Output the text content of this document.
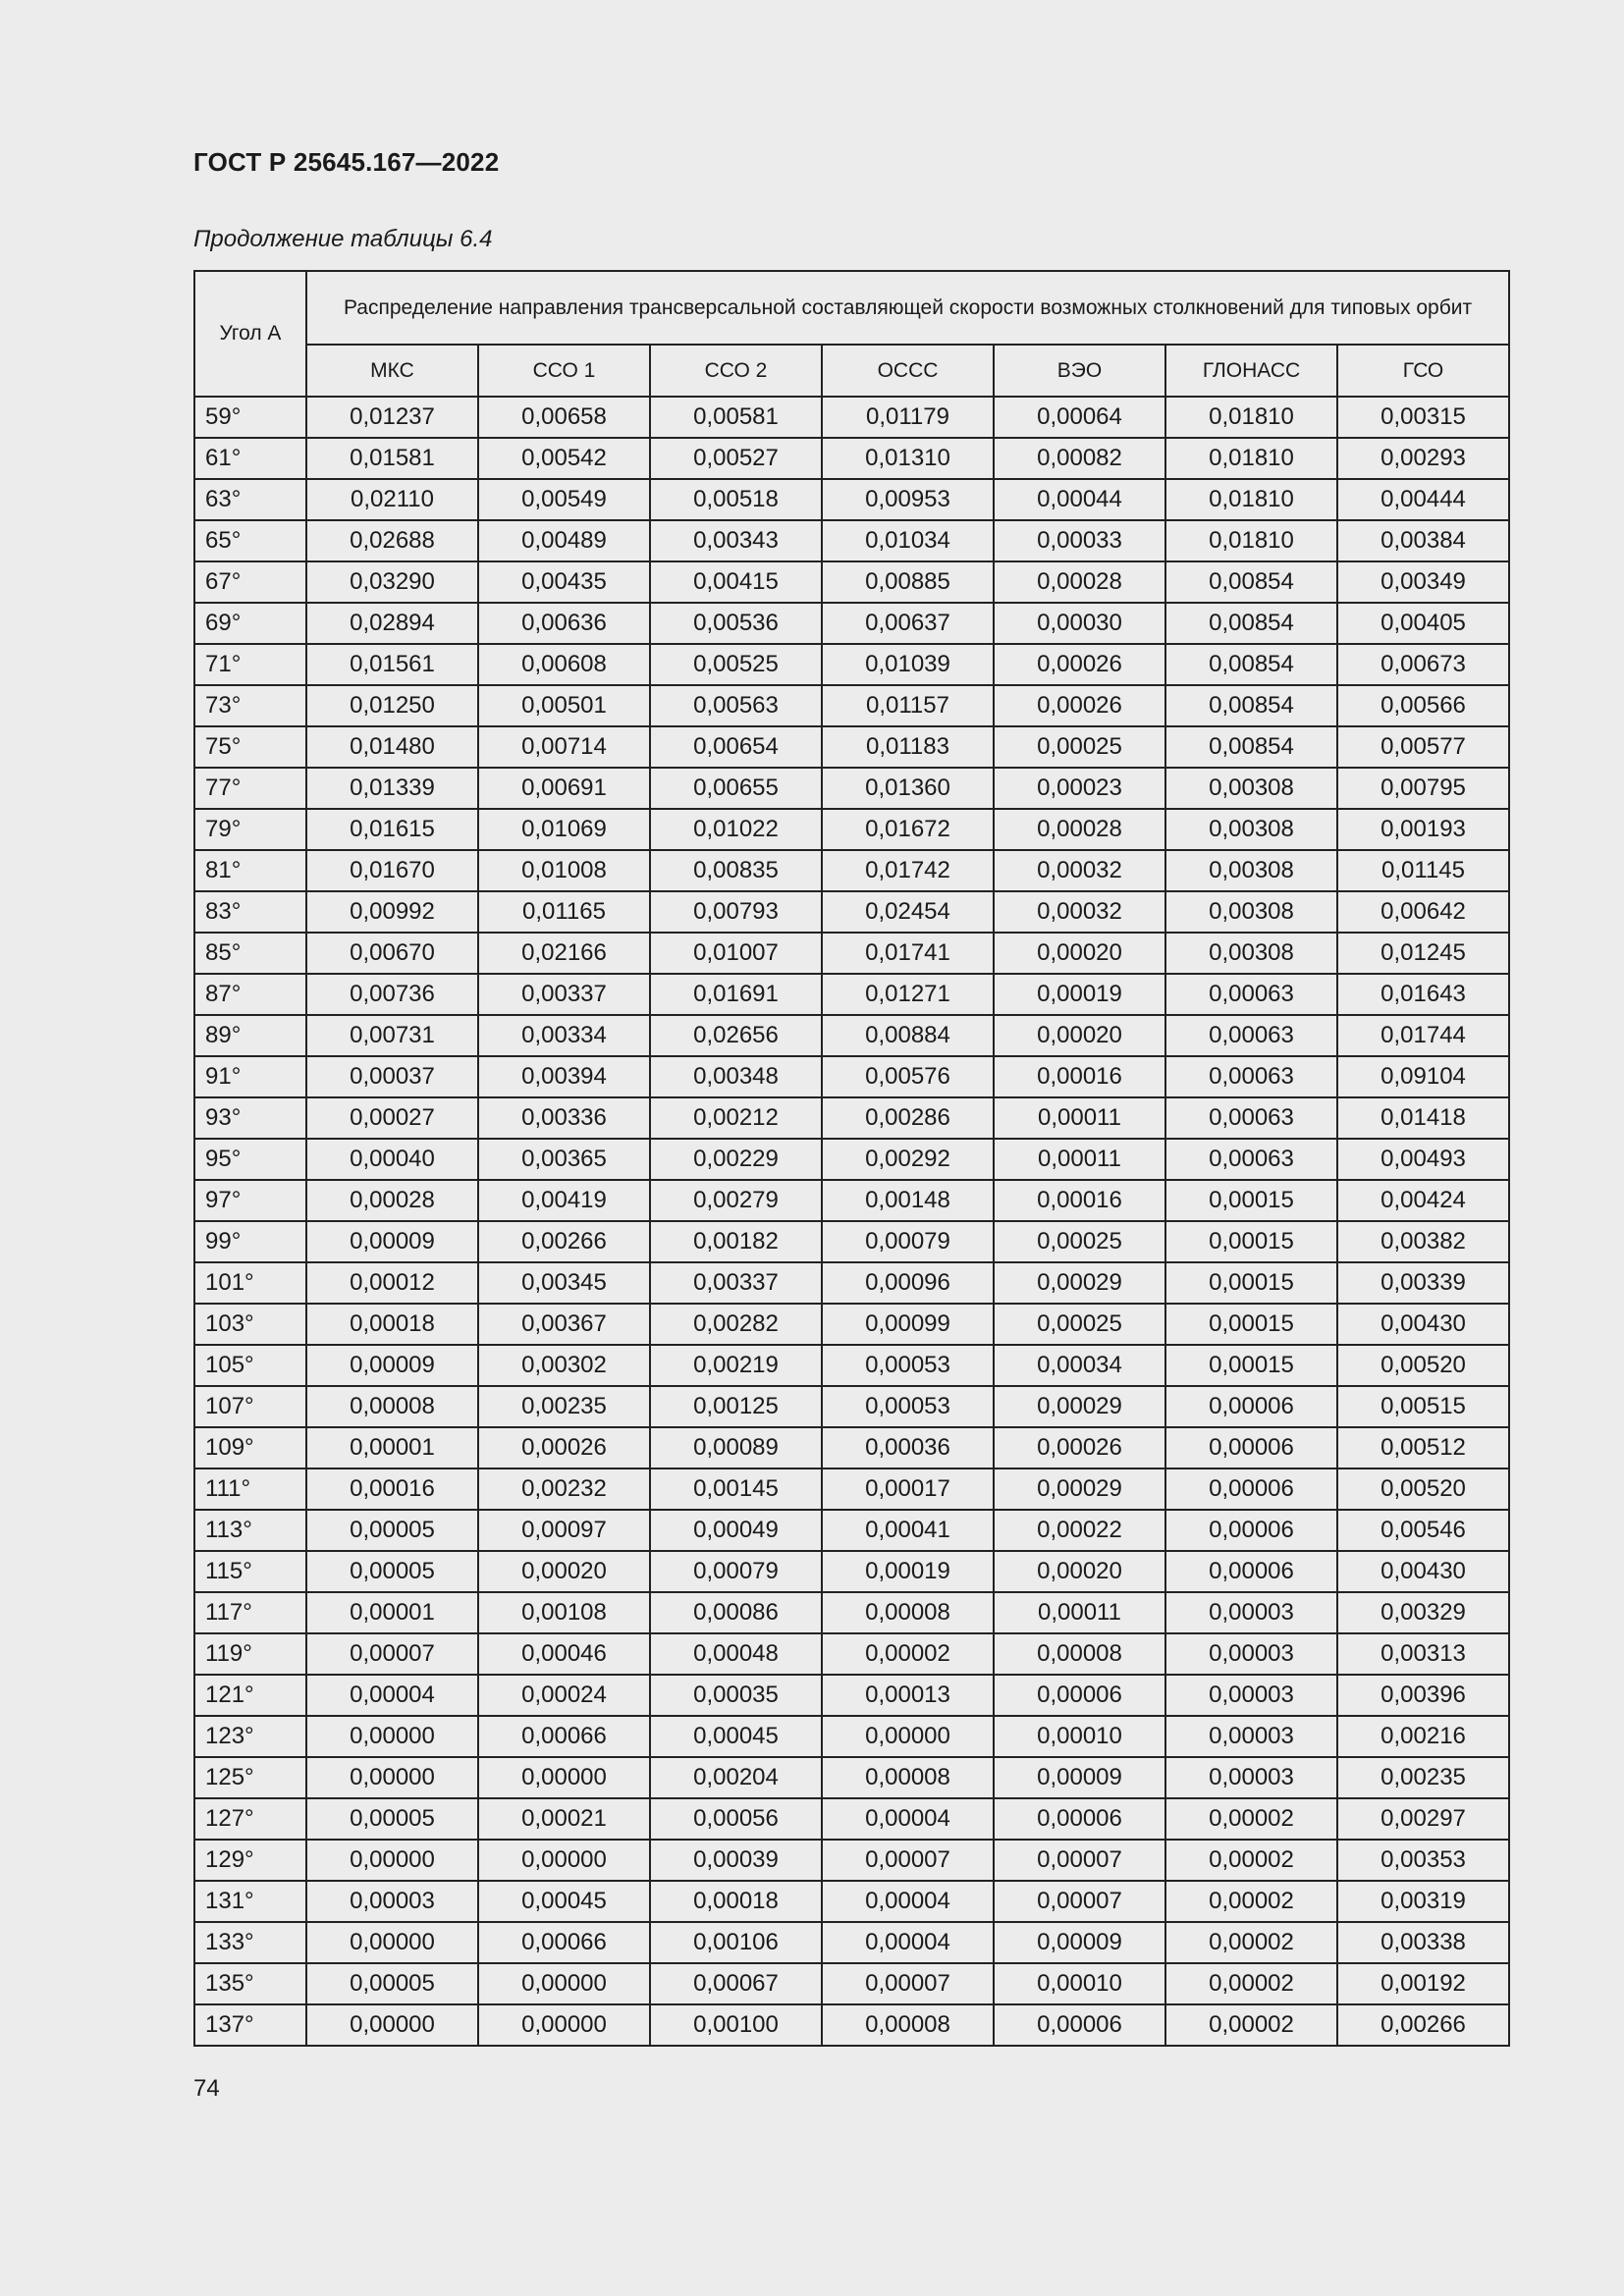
ГОСТ Р 25645.167—2022
Продолжение таблицы 6.4
Угол А	Распределение направления трансверсальной составляющей скорости возможных столкновений для типовых орбит						
	МКС	ССО 1	ССО 2	ОССС	ВЭО	ГЛОНАСС	ГСО
59°	0,01237	0,00658	0,00581	0,01179	0,00064	0,01810	0,00315
61°	0,01581	0,00542	0,00527	0,01310	0,00082	0,01810	0,00293
63°	0,02110	0,00549	0,00518	0,00953	0,00044	0,01810	0,00444
65°	0,02688	0,00489	0,00343	0,01034	0,00033	0,01810	0,00384
67°	0,03290	0,00435	0,00415	0,00885	0,00028	0,00854	0,00349
69°	0,02894	0,00636	0,00536	0,00637	0,00030	0,00854	0,00405
71°	0,01561	0,00608	0,00525	0,01039	0,00026	0,00854	0,00673
73°	0,01250	0,00501	0,00563	0,01157	0,00026	0,00854	0,00566
75°	0,01480	0,00714	0,00654	0,01183	0,00025	0,00854	0,00577
77°	0,01339	0,00691	0,00655	0,01360	0,00023	0,00308	0,00795
79°	0,01615	0,01069	0,01022	0,01672	0,00028	0,00308	0,00193
81°	0,01670	0,01008	0,00835	0,01742	0,00032	0,00308	0,01145
83°	0,00992	0,01165	0,00793	0,02454	0,00032	0,00308	0,00642
85°	0,00670	0,02166	0,01007	0,01741	0,00020	0,00308	0,01245
87°	0,00736	0,00337	0,01691	0,01271	0,00019	0,00063	0,01643
89°	0,00731	0,00334	0,02656	0,00884	0,00020	0,00063	0,01744
91°	0,00037	0,00394	0,00348	0,00576	0,00016	0,00063	0,09104
93°	0,00027	0,00336	0,00212	0,00286	0,00011	0,00063	0,01418
95°	0,00040	0,00365	0,00229	0,00292	0,00011	0,00063	0,00493
97°	0,00028	0,00419	0,00279	0,00148	0,00016	0,00015	0,00424
99°	0,00009	0,00266	0,00182	0,00079	0,00025	0,00015	0,00382
101°	0,00012	0,00345	0,00337	0,00096	0,00029	0,00015	0,00339
103°	0,00018	0,00367	0,00282	0,00099	0,00025	0,00015	0,00430
105°	0,00009	0,00302	0,00219	0,00053	0,00034	0,00015	0,00520
107°	0,00008	0,00235	0,00125	0,00053	0,00029	0,00006	0,00515
109°	0,00001	0,00026	0,00089	0,00036	0,00026	0,00006	0,00512
111°	0,00016	0,00232	0,00145	0,00017	0,00029	0,00006	0,00520
113°	0,00005	0,00097	0,00049	0,00041	0,00022	0,00006	0,00546
115°	0,00005	0,00020	0,00079	0,00019	0,00020	0,00006	0,00430
117°	0,00001	0,00108	0,00086	0,00008	0,00011	0,00003	0,00329
119°	0,00007	0,00046	0,00048	0,00002	0,00008	0,00003	0,00313
121°	0,00004	0,00024	0,00035	0,00013	0,00006	0,00003	0,00396
123°	0,00000	0,00066	0,00045	0,00000	0,00010	0,00003	0,00216
125°	0,00000	0,00000	0,00204	0,00008	0,00009	0,00003	0,00235
127°	0,00005	0,00021	0,00056	0,00004	0,00006	0,00002	0,00297
129°	0,00000	0,00000	0,00039	0,00007	0,00007	0,00002	0,00353
131°	0,00003	0,00045	0,00018	0,00004	0,00007	0,00002	0,00319
133°	0,00000	0,00066	0,00106	0,00004	0,00009	0,00002	0,00338
135°	0,00005	0,00000	0,00067	0,00007	0,00010	0,00002	0,00192
137°	0,00000	0,00000	0,00100	0,00008	0,00006	0,00002	0,00266
74
